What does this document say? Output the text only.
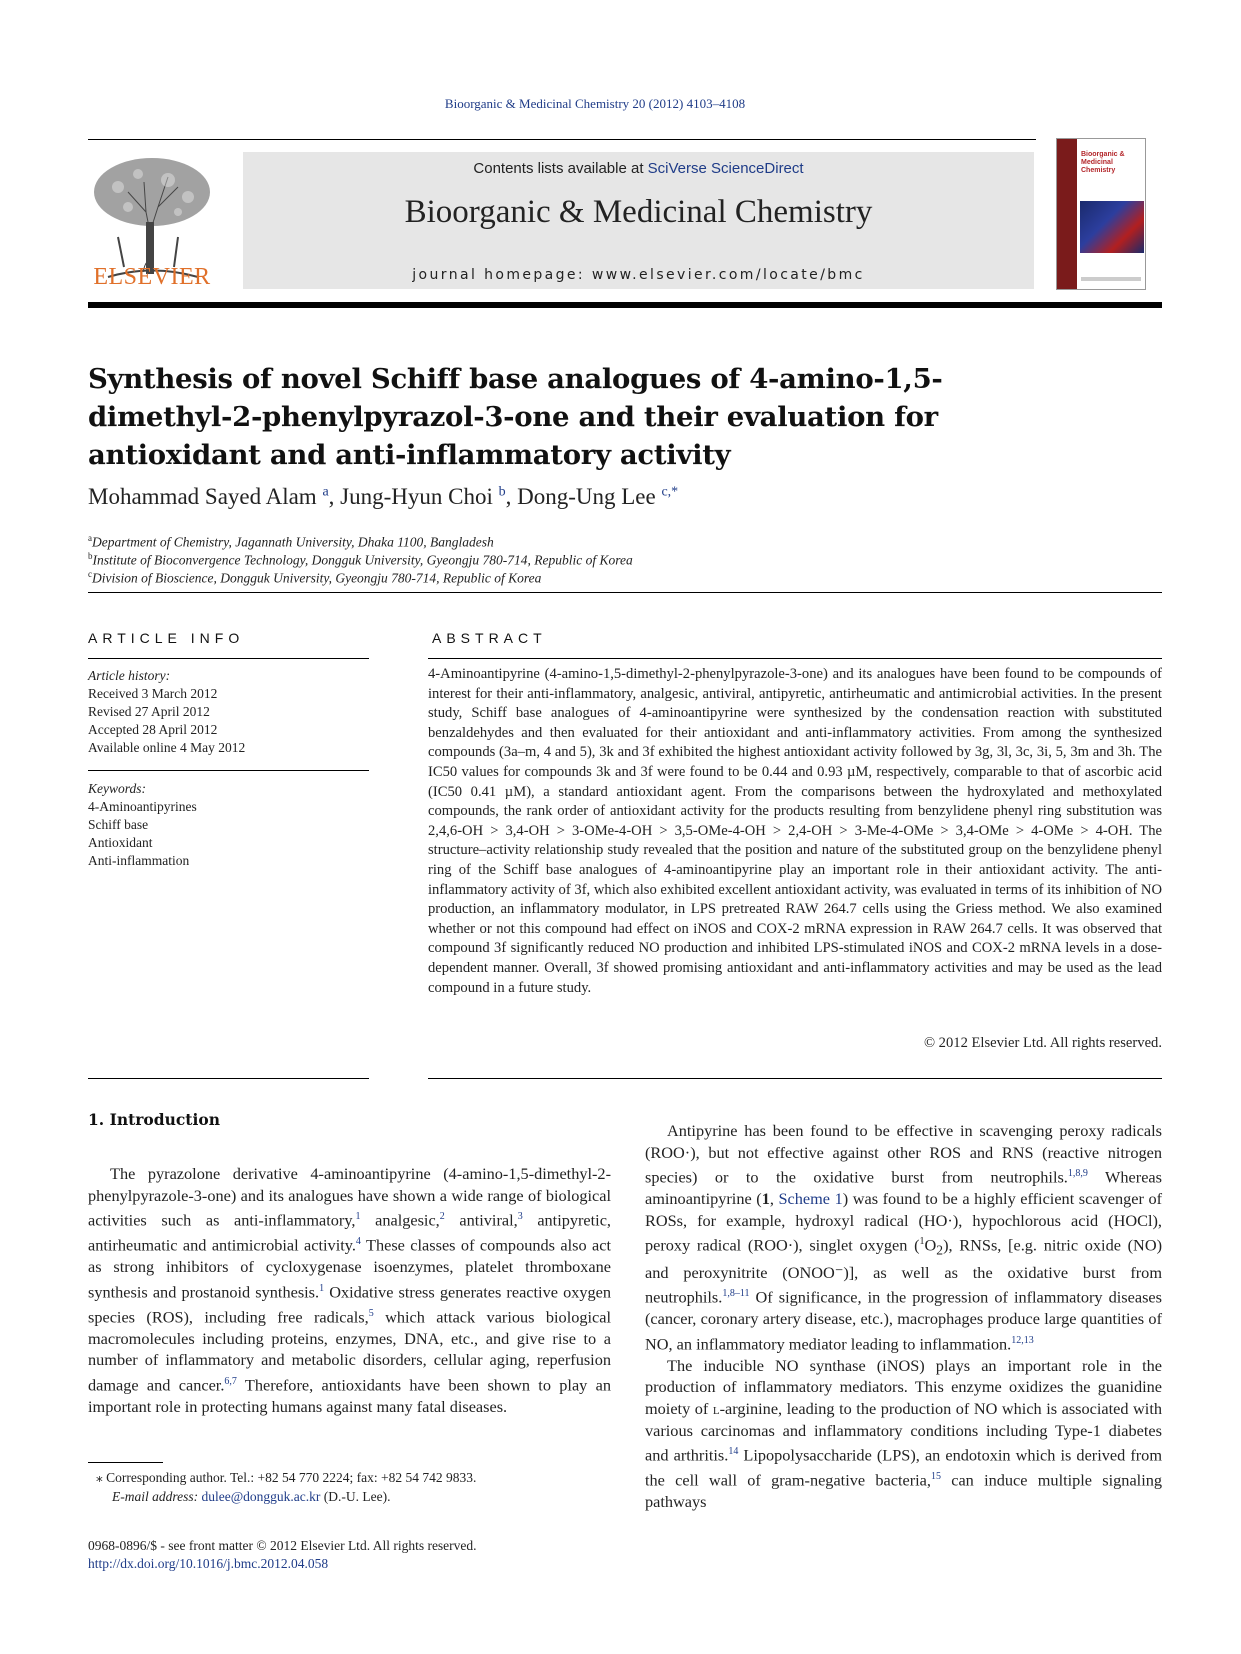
Bioorganic & Medicinal Chemistry 20 (2012) 4103–4108
ELSEVIER
Contents lists available at SciVerse ScienceDirect
Bioorganic & Medicinal Chemistry
journal homepage: www.elsevier.com/locate/bmc
Bioorganic & Medicinal Chemistry
Synthesis of novel Schiff base analogues of 4-amino-1,5-dimethyl-2-phenylpyrazol-3-one and their evaluation for antioxidant and anti-inflammatory activity
Mohammad Sayed Alam $^a$, Jung-Hyun Choi $^b$, Dong-Ung Lee $^{c,*}$
$^a$Department of Chemistry, Jagannath University, Dhaka 1100, Bangladesh
$^b$Institute of Bioconvergence Technology, Dongguk University, Gyeongju 780-714, Republic of Korea
$^c$Division of Bioscience, Dongguk University, Gyeongju 780-714, Republic of Korea
ARTICLE INFO
Article history:
Received 3 March 2012
Revised 27 April 2012
Accepted 28 April 2012
Available online 4 May 2012
Keywords:
4-Aminoantipyrines
Schiff base
Antioxidant
Anti-inflammation
ABSTRACT
4-Aminoantipyrine (4-amino-1,5-dimethyl-2-phenylpyrazole-3-one) and its analogues have been found to be compounds of interest for their anti-inflammatory, analgesic, antiviral, antipyretic, antirheumatic and antimicrobial activities. In the present study, Schiff base analogues of 4-aminoantipyrine were synthesized by the condensation reaction with substituted benzaldehydes and then evaluated for their antioxidant and anti-inflammatory activities. From among the synthesized compounds (3a–m, 4 and 5), 3k and 3f exhibited the highest antioxidant activity followed by 3g, 3l, 3c, 3i, 5, 3m and 3h. The IC50 values for compounds 3k and 3f were found to be 0.44 and 0.93 µM, respectively, comparable to that of ascorbic acid (IC50 0.41 µM), a standard antioxidant agent. From the comparisons between the hydroxylated and methoxylated compounds, the rank order of antioxidant activity for the products resulting from benzylidene phenyl ring substitution was 2,4,6-OH > 3,4-OH > 3-OMe-4-OH > 3,5-OMe-4-OH > 2,4-OH > 3-Me-4-OMe > 3,4-OMe > 4-OMe > 4-OH. The structure–activity relationship study revealed that the position and nature of the substituted group on the benzylidene phenyl ring of the Schiff base analogues of 4-aminoantipyrine play an important role in their antioxidant activity. The anti-inflammatory activity of 3f, which also exhibited excellent antioxidant activity, was evaluated in terms of its inhibition of NO production, an inflammatory modulator, in LPS pretreated RAW 264.7 cells using the Griess method. We also examined whether or not this compound had effect on iNOS and COX-2 mRNA expression in RAW 264.7 cells. It was observed that compound 3f significantly reduced NO production and inhibited LPS-stimulated iNOS and COX-2 mRNA levels in a dose-dependent manner. Overall, 3f showed promising antioxidant and anti-inflammatory activities and may be used as the lead compound in a future study.
© 2012 Elsevier Ltd. All rights reserved.
1. Introduction

The pyrazolone derivative 4-aminoantipyrine (4-amino-1,5-dimethyl-2-phenylpyrazole-3-one) and its analogues have shown a wide range of biological activities such as anti-inflammatory,$^1$ analgesic,$^2$ antiviral,$^3$ antipyretic, antirheumatic and antimicrobial activity.$^4$ These classes of compounds also act as strong inhibitors of cycloxygenase isoenzymes, platelet thromboxane synthesis and prostanoid synthesis.$^1$ Oxidative stress generates reactive oxygen species (ROS), including free radicals,$^5$ which attack various biological macromolecules including proteins, enzymes, DNA, etc., and give rise to a number of inflammatory and metabolic disorders, cellular aging, reperfusion damage and cancer.$^{6,7}$ Therefore, antioxidants have been shown to play an important role in protecting humans against many fatal diseases.

Antipyrine has been found to be effective in scavenging peroxy radicals (ROO·), but not effective against other ROS and RNS (reactive nitrogen species) or to the oxidative burst from neutrophils.$^{1,8,9}$ Whereas aminoantipyrine (1, Scheme 1) was found to be a highly efficient scavenger of ROSs, for example, hydroxyl radical (HO·), hypochlorous acid (HOCl), peroxy radical (ROO·), singlet oxygen $(^1O_2)$, RNSs, [e.g. nitric oxide (NO) and peroxynitrite (ONOO⁻)], as well as the oxidative burst from neutrophils.$^{1,8-11}$ Of significance, in the progression of inflammatory diseases (cancer, coronary artery disease, etc.), macrophages produce large quantities of NO, an inflammatory mediator leading to inflammation.$^{12,13}$

The inducible NO synthase (iNOS) plays an important role in the production of inflammatory mediators. This enzyme oxidizes the guanidine moiety of l-arginine, leading to the production of NO which is associated with various carcinomas and inflammatory conditions including Type-1 diabetes and arthritis.$^{14}$ Lipopolysaccharide (LPS), an endotoxin which is derived from the cell wall of gram-negative bacteria,$^{15}$ can induce multiple signaling pathways

⁎ Corresponding author. Tel.: +82 54 770 2224; fax: +82 54 742 9833.
E-mail address: dulee@dongguk.ac.kr (D.-U. Lee).
0968-0896/$ - see front matter © 2012 Elsevier Ltd. All rights reserved.
http://dx.doi.org/10.1016/j.bmc.2012.04.058
